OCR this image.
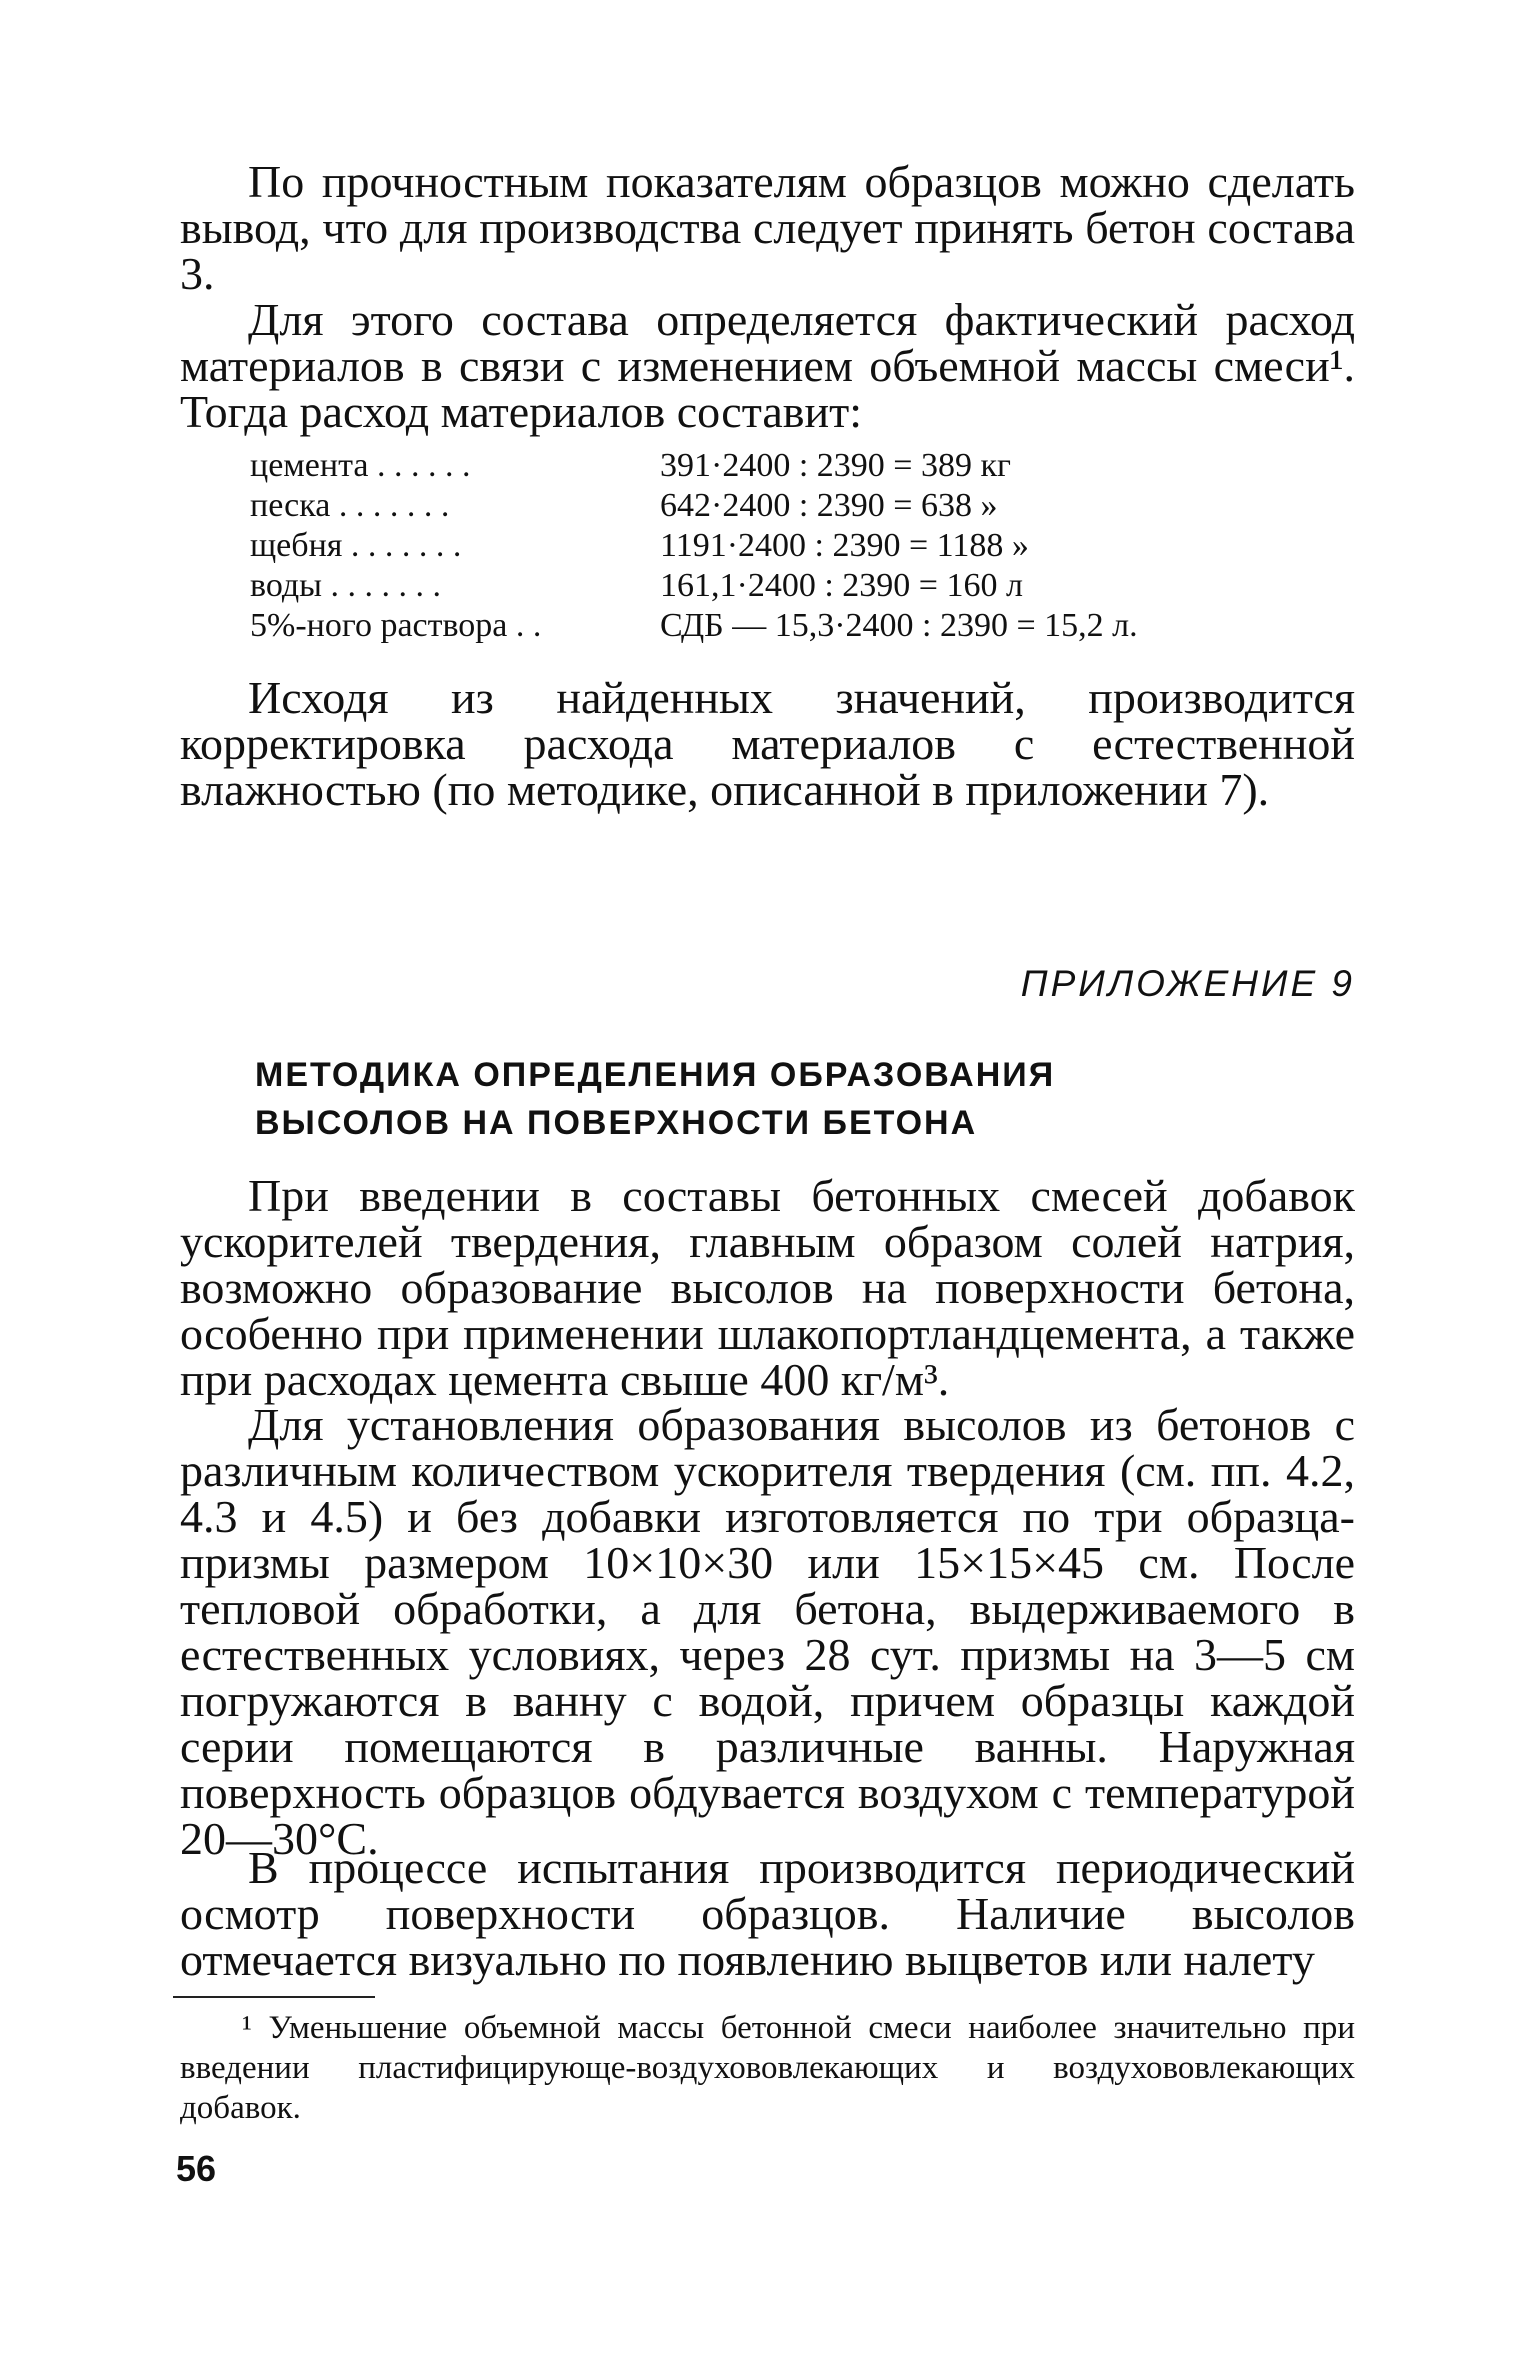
По прочностным показателям образцов можно сделать вывод, что для производства следует принять бетон состава 3.

Для этого состава определяется фактический расход материалов в связи с изменением объемной массы смеси¹. Тогда расход материалов составит:

цемента . . . . . .	391·2400 : 2390 = 389 кг
песка . . . . . . .	642·2400 : 2390 = 638 »
щебня . . . . . . .	1191·2400 : 2390 = 1188 »
воды . . . . . . .	161,1·2400 : 2390 = 160 л
5%-ного раствора . .	СДБ — 15,3·2400 : 2390 = 15,2 л.

Исходя из найденных значений, производится корректировка расхода материалов с естественной влажностью (по методике, описанной в приложении 7).

ПРИЛОЖЕНИЕ 9
МЕТОДИКА ОПРЕДЕЛЕНИЯ ОБРАЗОВАНИЯ
ВЫСОЛОВ НА ПОВЕРХНОСТИ БЕТОНА

При введении в составы бетонных смесей добавок ускорителей твердения, главным образом солей натрия, возможно образование высолов на поверхности бетона, особенно при применении шлакопортландцемента, а также при расходах цемента свыше 400 кг/м³.

Для установления образования высолов из бетонов с различным количеством ускорителя твердения (см. пп. 4.2, 4.3 и 4.5) и без добавки изготовляется по три образца-призмы размером 10×10×30 или 15×15×45 см. После тепловой обработки, а для бетона, выдерживаемого в естественных условиях, через 28 сут. призмы на 3—5 см погружаются в ванну с водой, причем образцы каждой серии помещаются в различные ванны. Наружная поверхность образцов обдувается воздухом с температурой 20—30°С.

В процессе испытания производится периодический осмотр поверхности образцов. Наличие высолов отмечается визуально по появлению выцветов или налету

¹ Уменьшение объемной массы бетонной смеси наиболее значительно при введении пластифицирующе-воздухововлекающих и воздухововлекающих добавок.

56
